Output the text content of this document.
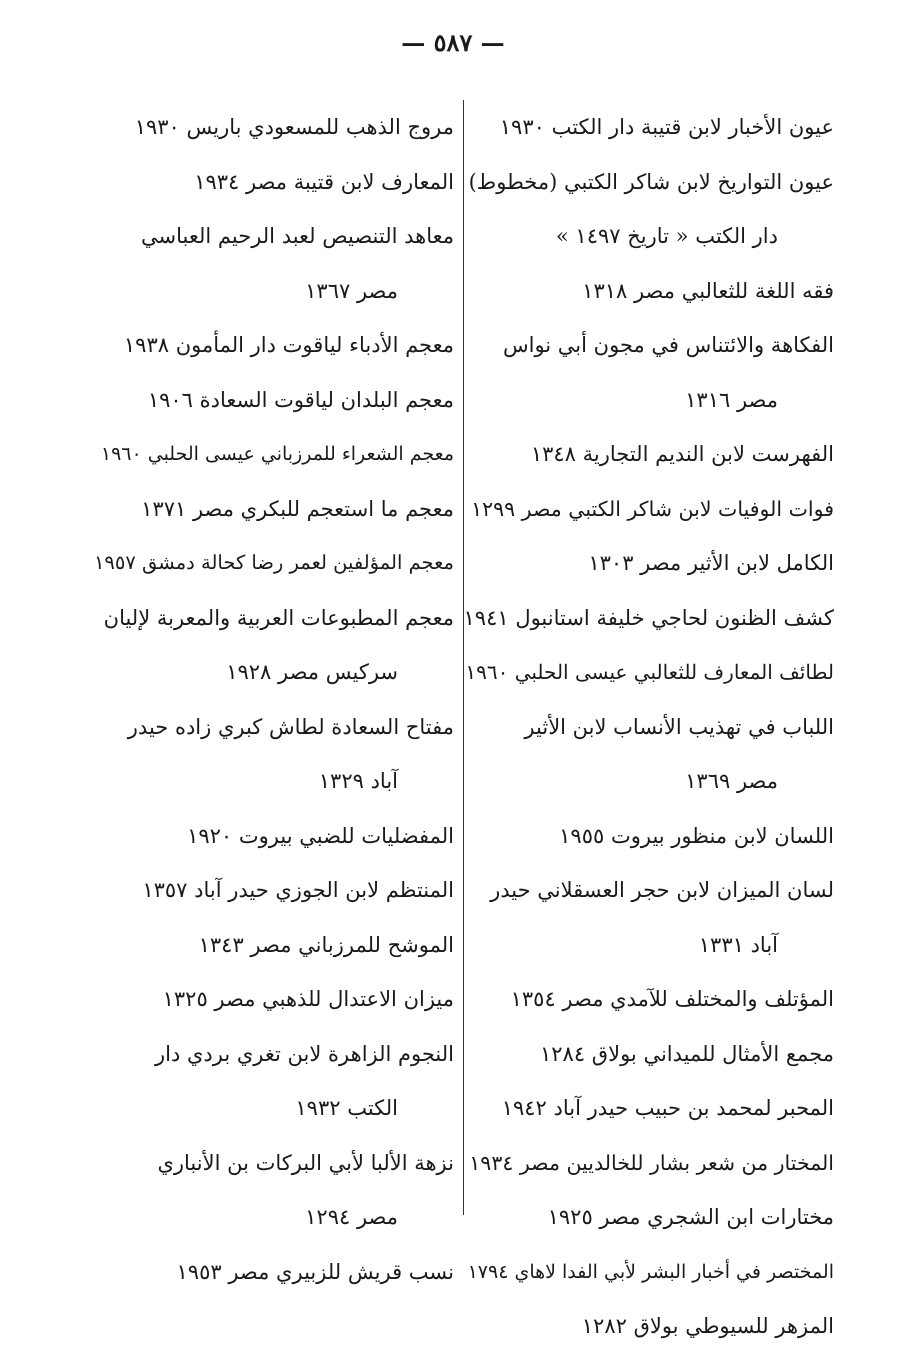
— ٥٨٧ —
عيون الأخبار لابن قتيبة دار الكتب ١٩٣٠
عيون التواريخ لابن شاكر الكتبي (مخطوط)
دار الكتب « تاريخ ١٤٩٧ »
فقه اللغة للثعالبي مصر ١٣١٨
الفكاهة والائتناس في مجون أبي نواس
مصر ١٣١٦
الفهرست لابن النديم التجارية ١٣٤٨
فوات الوفيات لابن شاكر الكتبي مصر ١٢٩٩
الكامل لابن الأثير مصر ١٣٠٣
كشف الظنون لحاجي خليفة استانبول ١٩٤١
لطائف المعارف للثعالبي عيسى الحلبي ١٩٦٠
اللباب في تهذيب الأنساب لابن الأثير
مصر ١٣٦٩
اللسان لابن منظور بيروت ١٩٥٥
لسان الميزان لابن حجر العسقلاني حيدر
آباد ١٣٣١
المؤتلف والمختلف للآمدي مصر ١٣٥٤
مجمع الأمثال للميداني بولاق ١٢٨٤
المحبر لمحمد بن حبيب حيدر آباد ١٩٤٢
المختار من شعر بشار للخالديين مصر ١٩٣٤
مختارات ابن الشجري مصر ١٩٢٥
المختصر في أخبار البشر لأبي الفدا لاهاي ١٧٩٤
المزهر للسيوطي بولاق ١٢٨٢
مروج الذهب للمسعودي باريس ١٩٣٠
المعارف لابن قتيبة مصر ١٩٣٤
معاهد التنصيص لعبد الرحيم العباسي
مصر ١٣٦٧
معجم الأدباء لياقوت دار المأمون ١٩٣٨
معجم البلدان لياقوت السعادة ١٩٠٦
معجم الشعراء للمرزباني عيسى الحلبي ١٩٦٠
معجم ما استعجم للبكري مصر ١٣٧١
معجم المؤلفين لعمر رضا كحالة دمشق ١٩٥٧
معجم المطبوعات العربية والمعربة لإليان
سركيس مصر ١٩٢٨
مفتاح السعادة لطاش كبري زاده حيدر
آباد ١٣٢٩
المفضليات للضبي بيروت ١٩٢٠
المنتظم لابن الجوزي حيدر آباد ١٣٥٧
الموشح للمرزباني مصر ١٣٤٣
ميزان الاعتدال للذهبي مصر ١٣٢٥
النجوم الزاهرة لابن تغري بردي دار
الكتب ١٩٣٢
نزهة الألبا لأبي البركات بن الأنباري
مصر ١٢٩٤
نسب قريش للزبيري مصر ١٩٥٣
